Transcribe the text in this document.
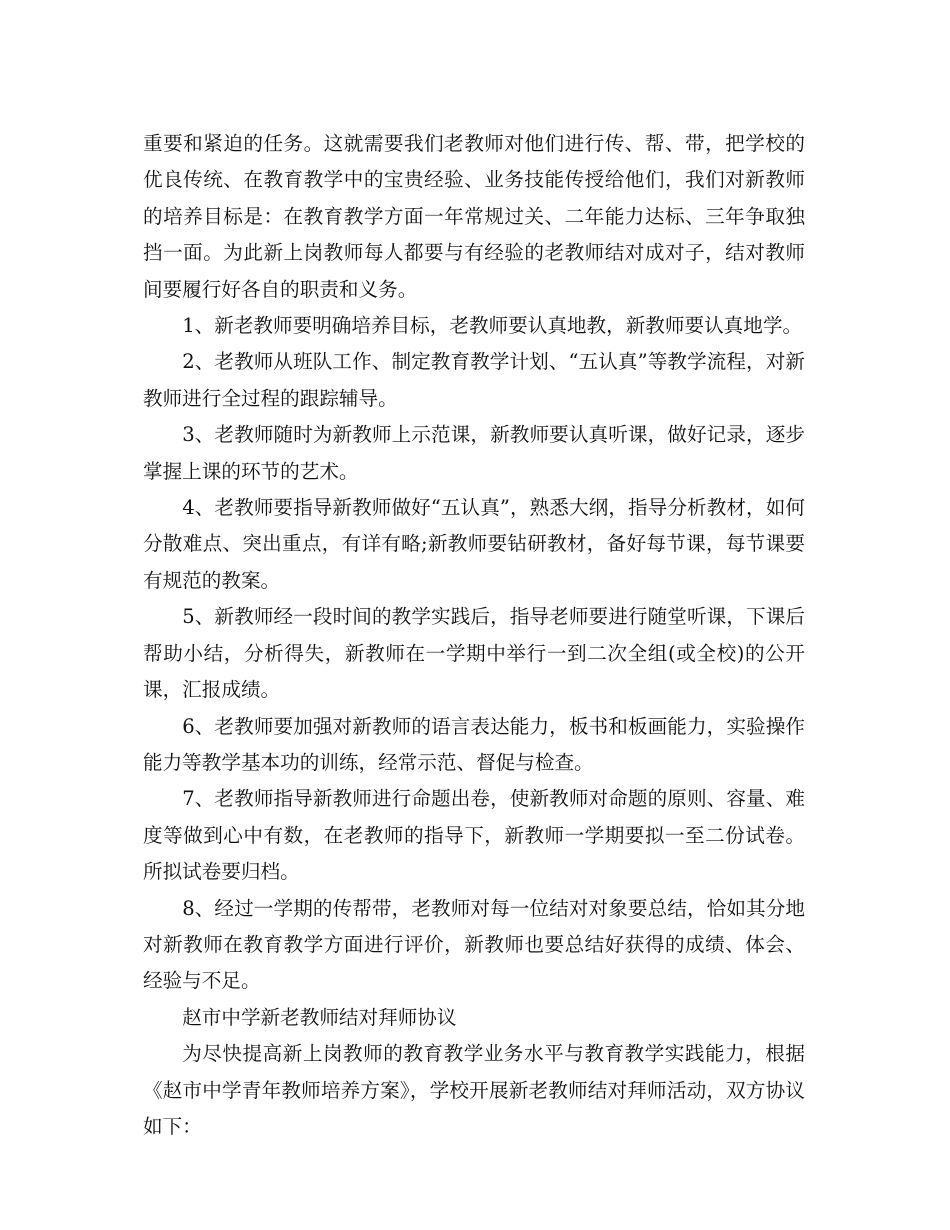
重要和紧迫的任务。这就需要我们老教师对他们进行传、帮、带，把学校的优良传统、在教育教学中的宝贵经验、业务技能传授给他们，我们对新教师的培养目标是：在教育教学方面一年常规过关、二年能力达标、三年争取独挡一面。为此新上岗教师每人都要与有经验的老教师结对成对子，结对教师间要履行好各自的职责和义务。

1、新老教师要明确培养目标，老教师要认真地教，新教师要认真地学。

2、老教师从班队工作、制定教育教学计划、“五认真”等教学流程，对新教师进行全过程的跟踪辅导。

3、老教师随时为新教师上示范课，新教师要认真听课，做好记录，逐步掌握上课的环节的艺术。

4、老教师要指导新教师做好“五认真”，熟悉大纲，指导分析教材，如何分散难点、突出重点，有详有略;新教师要钻研教材，备好每节课，每节课要有规范的教案。

5、新教师经一段时间的教学实践后，指导老师要进行随堂听课，下课后帮助小结，分析得失，新教师在一学期中举行一到二次全组(或全校)的公开课，汇报成绩。

6、老教师要加强对新教师的语言表达能力，板书和板画能力，实验操作能力等教学基本功的训练，经常示范、督促与检查。

7、老教师指导新教师进行命题出卷，使新教师对命题的原则、容量、难度等做到心中有数，在老教师的指导下，新教师一学期要拟一至二份试卷。所拟试卷要归档。

8、经过一学期的传帮带，老教师对每一位结对对象要总结，恰如其分地对新教师在教育教学方面进行评价，新教师也要总结好获得的成绩、体会、经验与不足。

赵市中学新老教师结对拜师协议

为尽快提高新上岗教师的教育教学业务水平与教育教学实践能力，根据《赵市中学青年教师培养方案》，学校开展新老教师结对拜师活动，双方协议如下：
